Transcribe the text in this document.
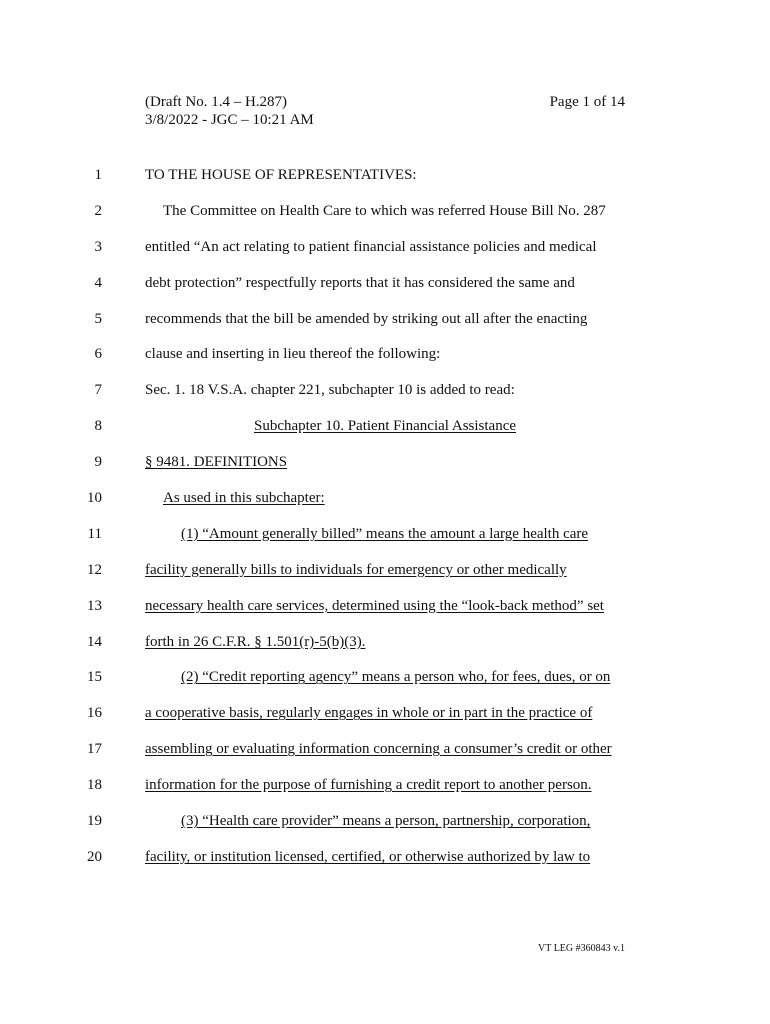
(Draft No. 1.4 – H.287)
3/8/2022 - JGC – 10:21 AM
Page 1 of 14
1	TO THE HOUSE OF REPRESENTATIVES:
2	The Committee on Health Care to which was referred House Bill No. 287
3	entitled “An act relating to patient financial assistance policies and medical
4	debt protection” respectfully reports that it has considered the same and
5	recommends that the bill be amended by striking out all after the enacting
6	clause and inserting in lieu thereof the following:
7	Sec. 1. 18 V.S.A. chapter 221, subchapter 10 is added to read:
8	Subchapter 10. Patient Financial Assistance
9	§ 9481. DEFINITIONS
10	As used in this subchapter:
11	(1) “Amount generally billed” means the amount a large health care
12	facility generally bills to individuals for emergency or other medically
13	necessary health care services, determined using the “look-back method” set
14	forth in 26 C.F.R. § 1.501(r)-5(b)(3).
15	(2) “Credit reporting agency” means a person who, for fees, dues, or on
16	a cooperative basis, regularly engages in whole or in part in the practice of
17	assembling or evaluating information concerning a consumer’s credit or other
18	information for the purpose of furnishing a credit report to another person.
19	(3) “Health care provider” means a person, partnership, corporation,
20	facility, or institution licensed, certified, or otherwise authorized by law to
VT LEG #360843 v.1
